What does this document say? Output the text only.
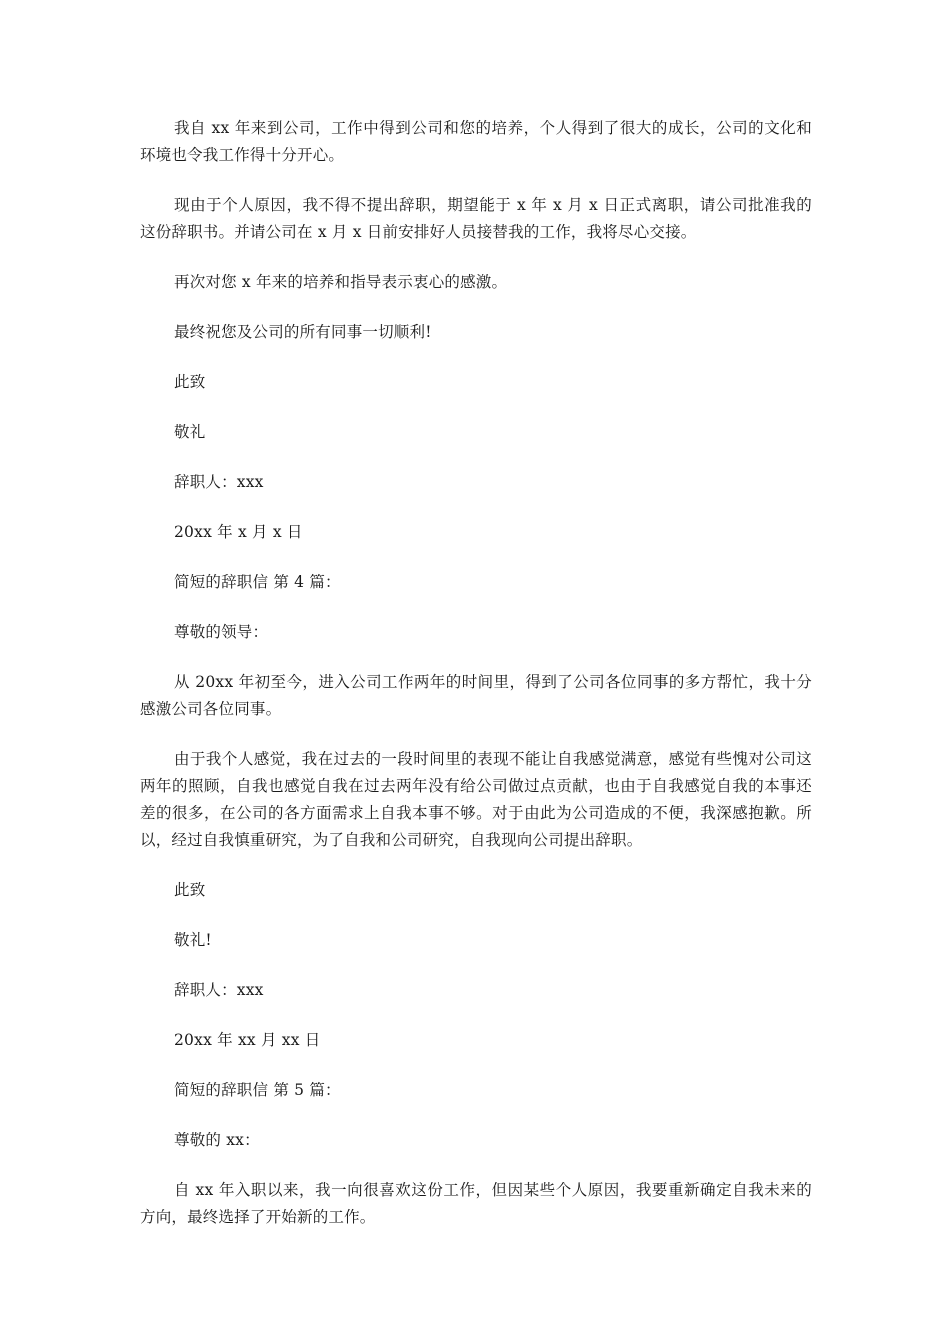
我自 xx 年来到公司，工作中得到公司和您的培养，个人得到了很大的成长，公司的文化和环境也令我工作得十分开心。

现由于个人原因，我不得不提出辞职，期望能于 x 年 x 月 x 日正式离职，请公司批准我的这份辞职书。并请公司在 x 月 x 日前安排好人员接替我的工作，我将尽心交接。

再次对您 x 年来的培养和指导表示衷心的感激。

最终祝您及公司的所有同事一切顺利!

此致

敬礼

辞职人：xxx

20xx 年 x 月 x 日

简短的辞职信 第 4 篇：

尊敬的领导：

从 20xx 年初至今，进入公司工作两年的时间里，得到了公司各位同事的多方帮忙，我十分感激公司各位同事。

由于我个人感觉，我在过去的一段时间里的表现不能让自我感觉满意，感觉有些愧对公司这两年的照顾，自我也感觉自我在过去两年没有给公司做过点贡献，也由于自我感觉自我的本事还差的很多，在公司的各方面需求上自我本事不够。对于由此为公司造成的不便，我深感抱歉。所以，经过自我慎重研究，为了自我和公司研究，自我现向公司提出辞职。

此致

敬礼!

辞职人：xxx

20xx 年 xx 月 xx 日

简短的辞职信 第 5 篇：

尊敬的 xx：

自 xx 年入职以来，我一向很喜欢这份工作，但因某些个人原因，我要重新确定自我未来的方向，最终选择了开始新的工作。
